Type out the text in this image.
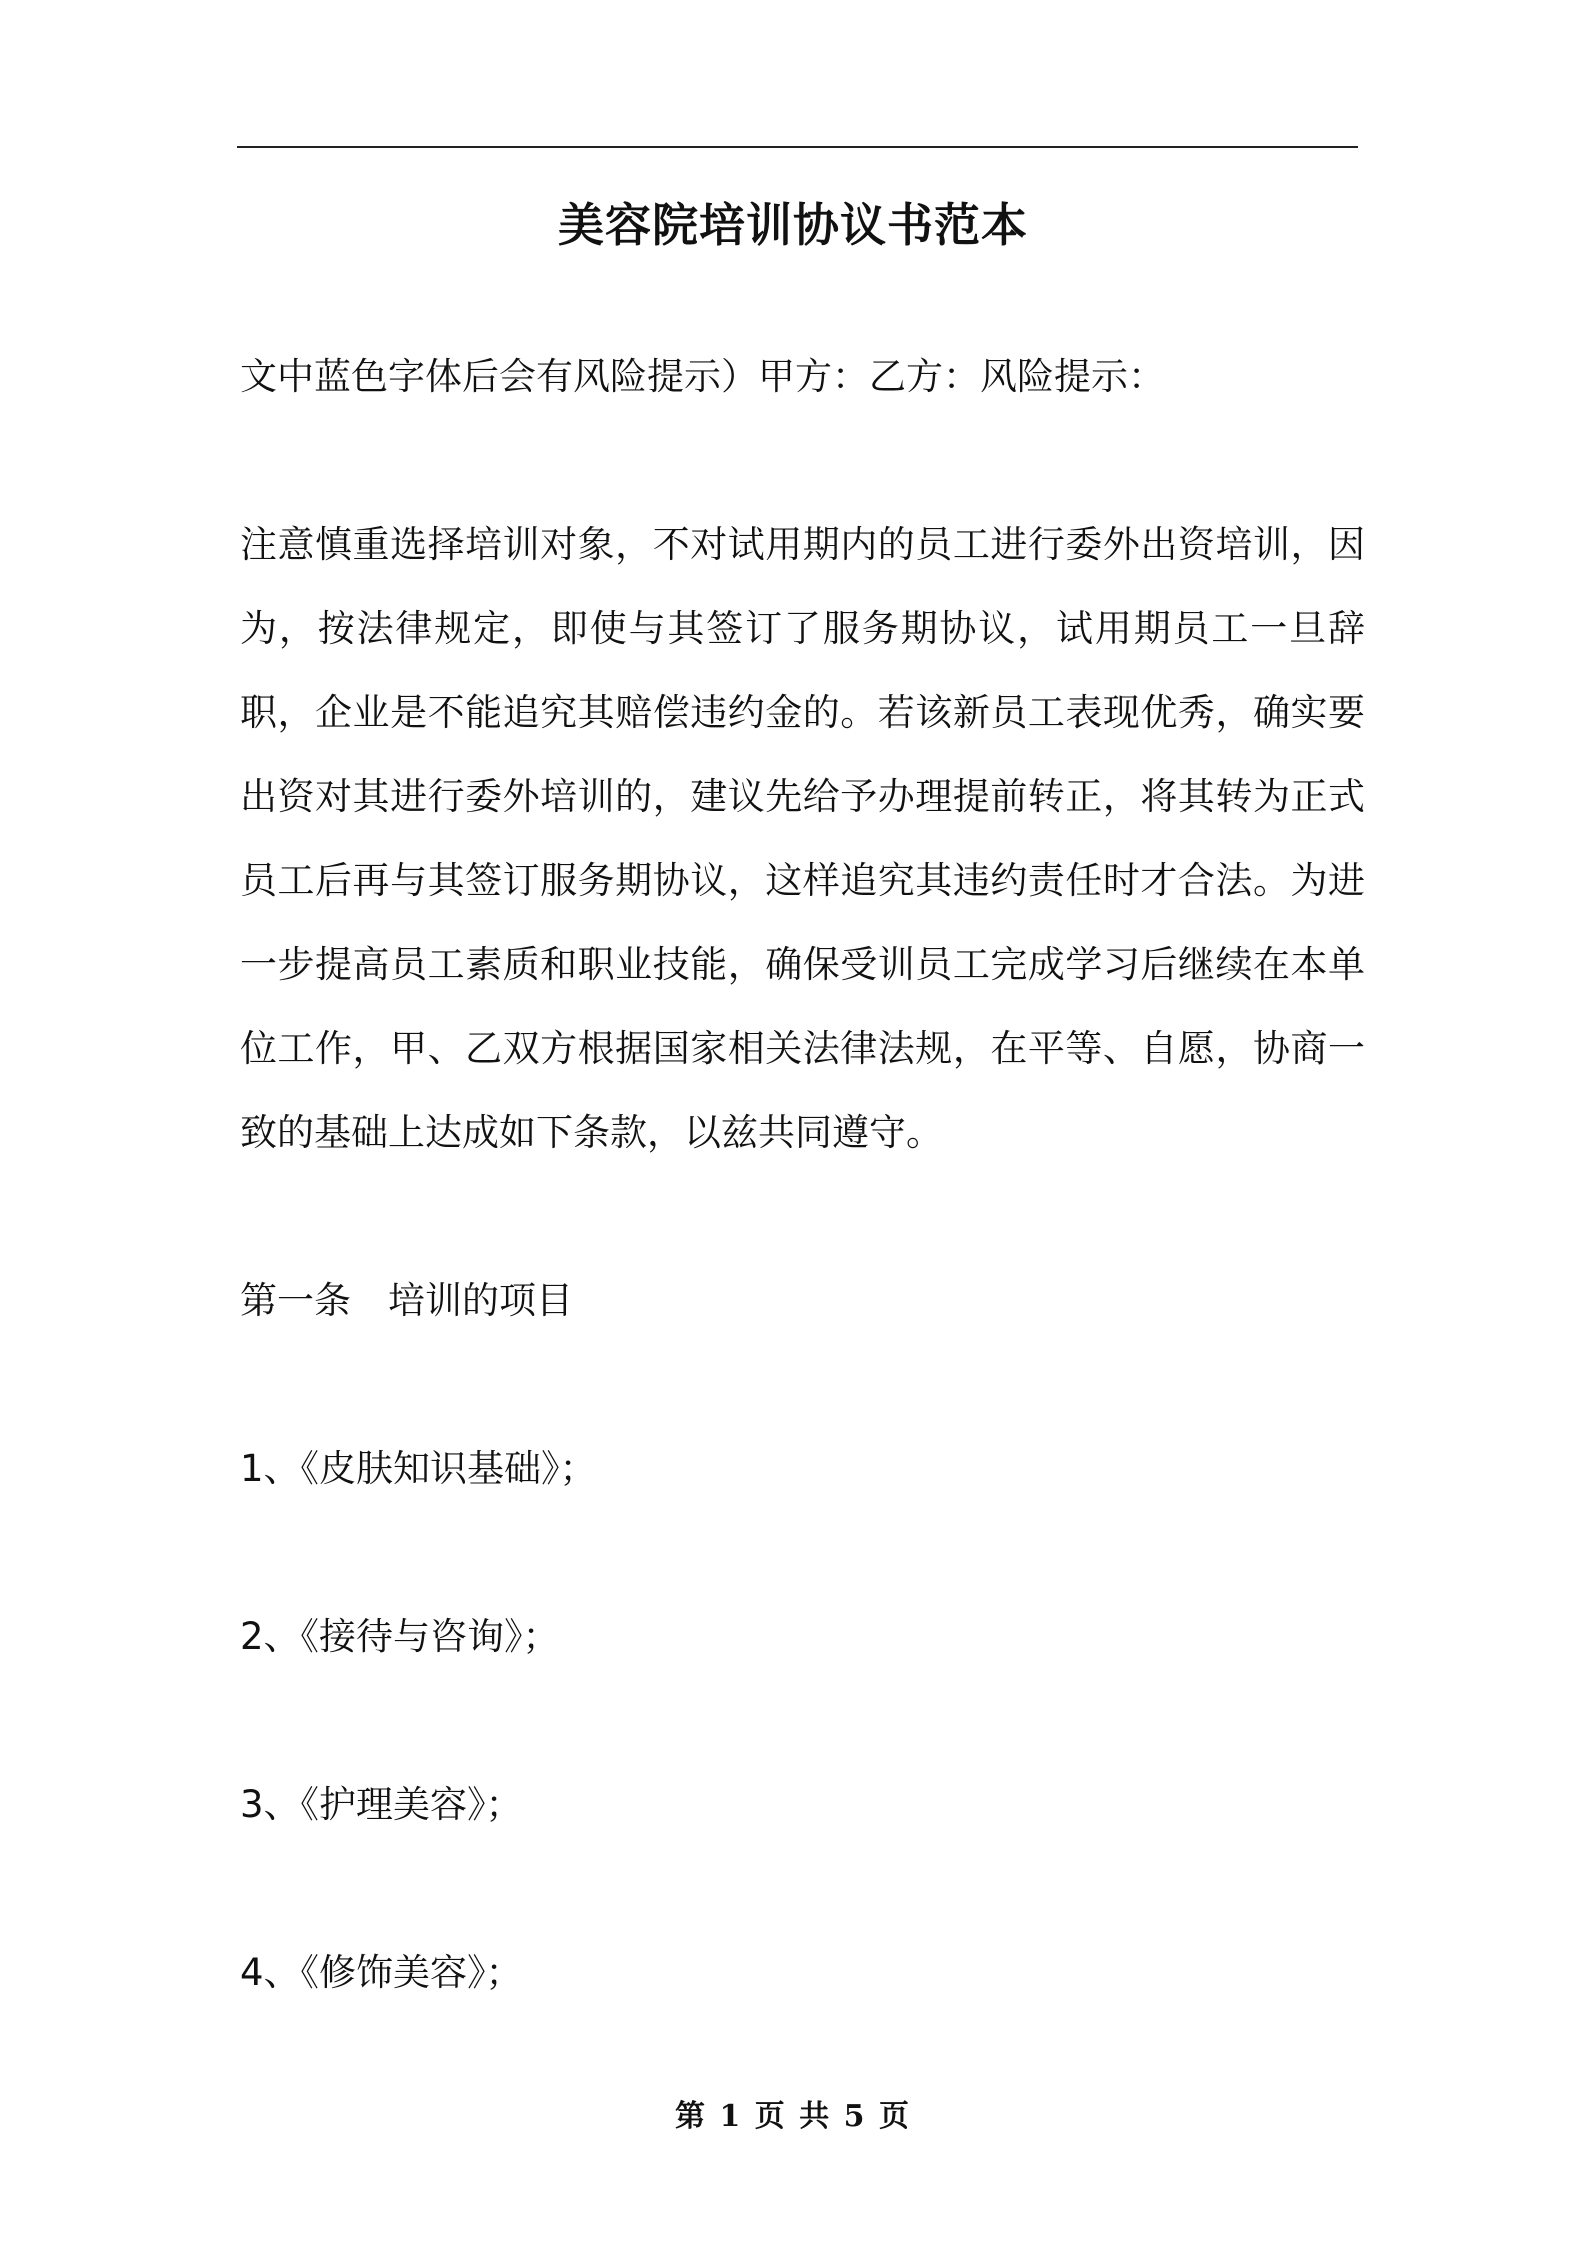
美容院培训协议书范本

文中蓝色字体后会有风险提示）甲方：乙方：风险提示：

注意慎重选择培训对象，不对试用期内的员工进行委外出资培训，因为，按法律规定，即使与其签订了服务期协议，试用期员工一旦辞职，企业是不能追究其赔偿违约金的。若该新员工表现优秀，确实要出资对其进行委外培训的，建议先给予办理提前转正，将其转为正式员工后再与其签订服务期协议，这样追究其违约责任时才合法。为进一步提高员工素质和职业技能，确保受训员工完成学习后继续在本单位工作，甲、乙双方根据国家相关法律法规，在平等、自愿，协商一致的基础上达成如下条款，以兹共同遵守。

第一条　培训的项目

1、《皮肤知识基础》；

2、《接待与咨询》；

3、《护理美容》；

4、《修饰美容》；

第 1 页 共 5 页
